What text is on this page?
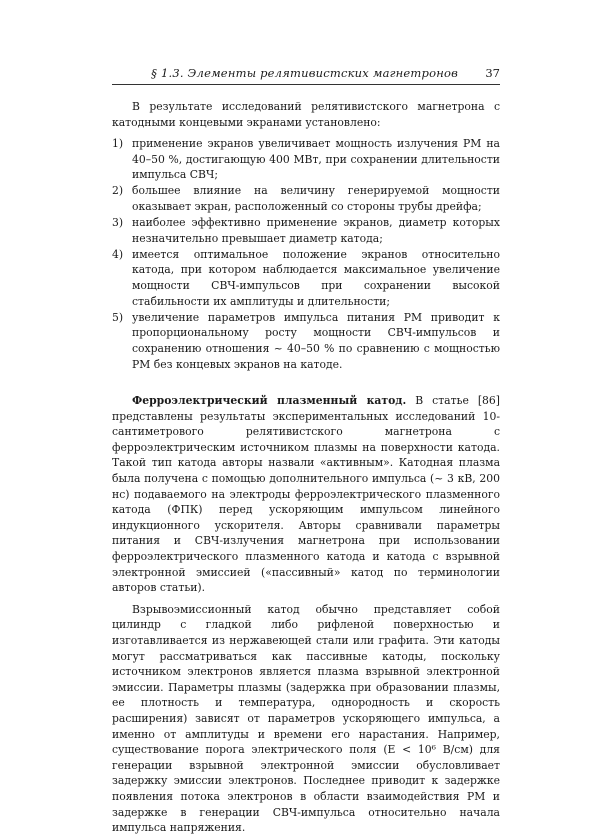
§ 1.3. Элементы релятивистских магнетронов 37

В результате исследований релятивистского магнетрона с катодными концевыми экранами установлено:

1) применение экранов увеличивает мощность излучения РМ на 40–50 %, достигающую 400 МВт, при сохранении длительности импульса СВЧ;
2) большее влияние на величину генерируемой мощности оказывает экран, расположенный со стороны трубы дрейфа;
3) наиболее эффективно применение экранов, диаметр которых незначительно превышает диаметр катода;
4) имеется оптимальное положение экранов относительно катода, при котором наблюдается максимальное увеличение мощности СВЧ-импульсов при сохранении высокой стабильности их амплитуды и длительности;
5) увеличение параметров импульса питания РМ приводит к пропорциональному росту мощности СВЧ-импульсов и сохранению отношения ~ 40–50 % по сравнению с мощностью РМ без концевых экранов на катоде.

Ферроэлектрический плазменный катод. В статье [86] представлены результаты экспериментальных исследований 10-сантиметрового релятивистского магнетрона с ферроэлектрическим источником плазмы на поверхности катода. Такой тип катода авторы назвали «активным». Катодная плазма была получена с помощью дополнительного импульса (~ 3 кВ, 200 нс) подаваемого на электроды ферроэлектрического плазменного катода (ФПК) перед ускоряющим импульсом линейного индукционного ускорителя. Авторы сравнивали параметры питания и СВЧ-излучения магнетрона при использовании ферроэлектрического плазменного катода и катода с взрывной электронной эмиссией («пассивный» катод по терминологии авторов статьи).

Взрывоэмиссионный катод обычно представляет собой цилиндр с гладкой либо рифленой поверхностью и изготавливается из нержавеющей стали или графита. Эти катоды могут рассматриваться как пассивные катоды, поскольку источником электронов является плазма взрывной электронной эмиссии. Параметры плазмы (задержка при образовании плазмы, ее плотность и температура, однородность и скорость расширения) зависят от параметров ускоряющего импульса, а именно от амплитуды и времени его нарастания. Например, существование порога электрического поля (E < 10⁶ В/см) для генерации взрывной электронной эмиссии обусловливает задержку эмиссии электронов. Последнее приводит к задержке появления потока электронов в области взаимодействия РМ и задержке в генерации СВЧ-импульса относительно начала импульса напряжения.
